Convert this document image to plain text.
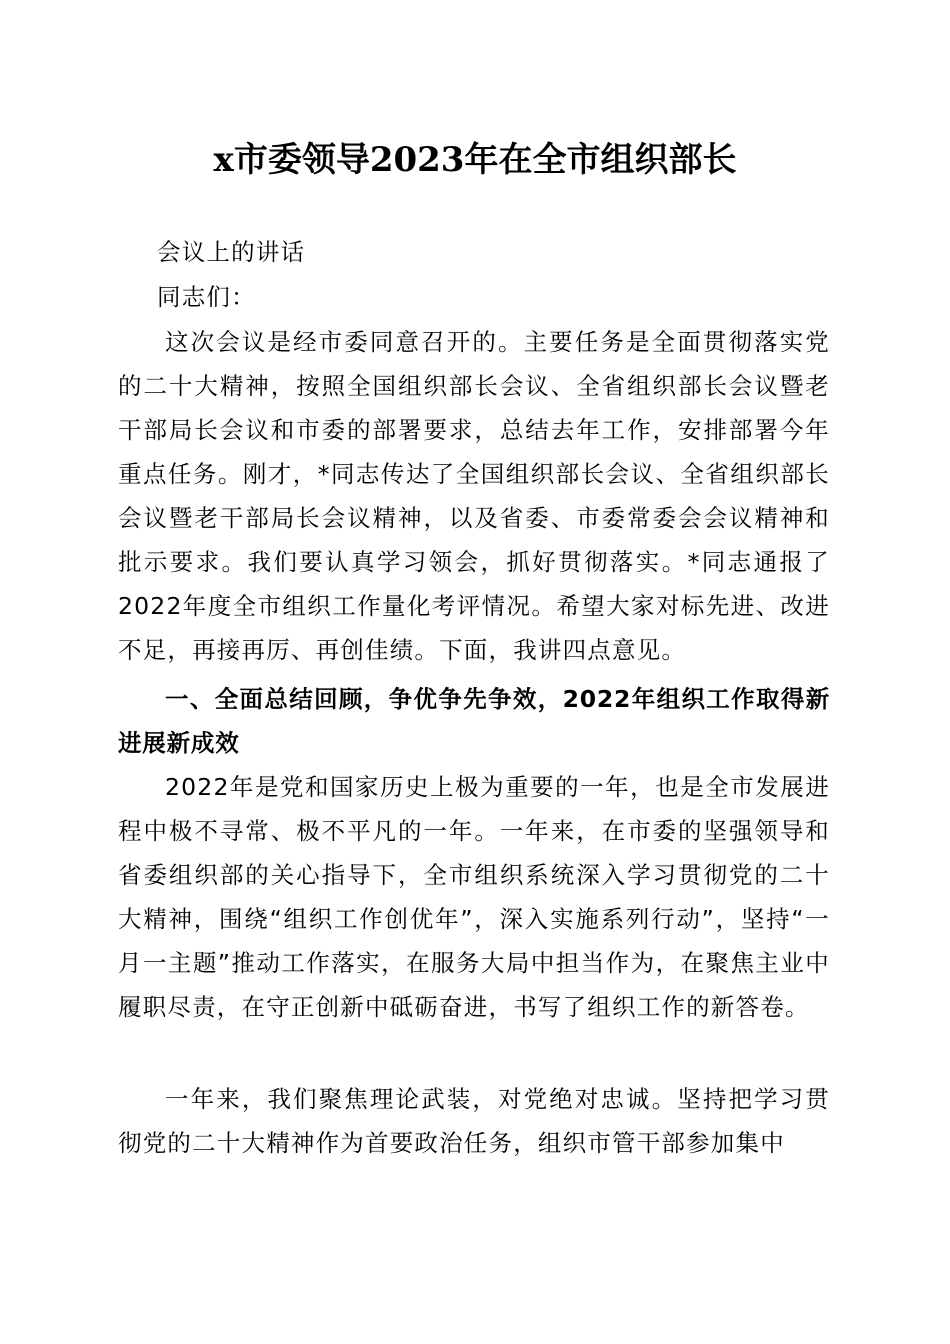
x市委领导2023年在全市组织部长
会议上的讲话
同志们：
这次会议是经市委同意召开的。主要任务是全面贯彻落实党的二十大精神，按照全国组织部长会议、全省组织部长会议暨老干部局长会议和市委的部署要求，总结去年工作，安排部署今年重点任务。刚才，*同志传达了全国组织部长会议、全省组织部长会议暨老干部局长会议精神，以及省委、市委常委会会议精神和批示要求。我们要认真学习领会，抓好贯彻落实。*同志通报了2022年度全市组织工作量化考评情况。希望大家对标先进、改进不足，再接再厉、再创佳绩。下面，我讲四点意见。
一、全面总结回顾，争优争先争效，2022年组织工作取得新进展新成效
2022年是党和国家历史上极为重要的一年，也是全市发展进程中极不寻常、极不平凡的一年。一年来，在市委的坚强领导和省委组织部的关心指导下，全市组织系统深入学习贯彻党的二十大精神，围绕“组织工作创优年”，深入实施系列行动”，坚持“一月一主题”推动工作落实，在服务大局中担当作为，在聚焦主业中履职尽责，在守正创新中砥砺奋进，书写了组织工作的新答卷。
一年来，我们聚焦理论武装，对党绝对忠诚。坚持把学习贯彻党的二十大精神作为首要政治任务，组织市管干部参加集中
